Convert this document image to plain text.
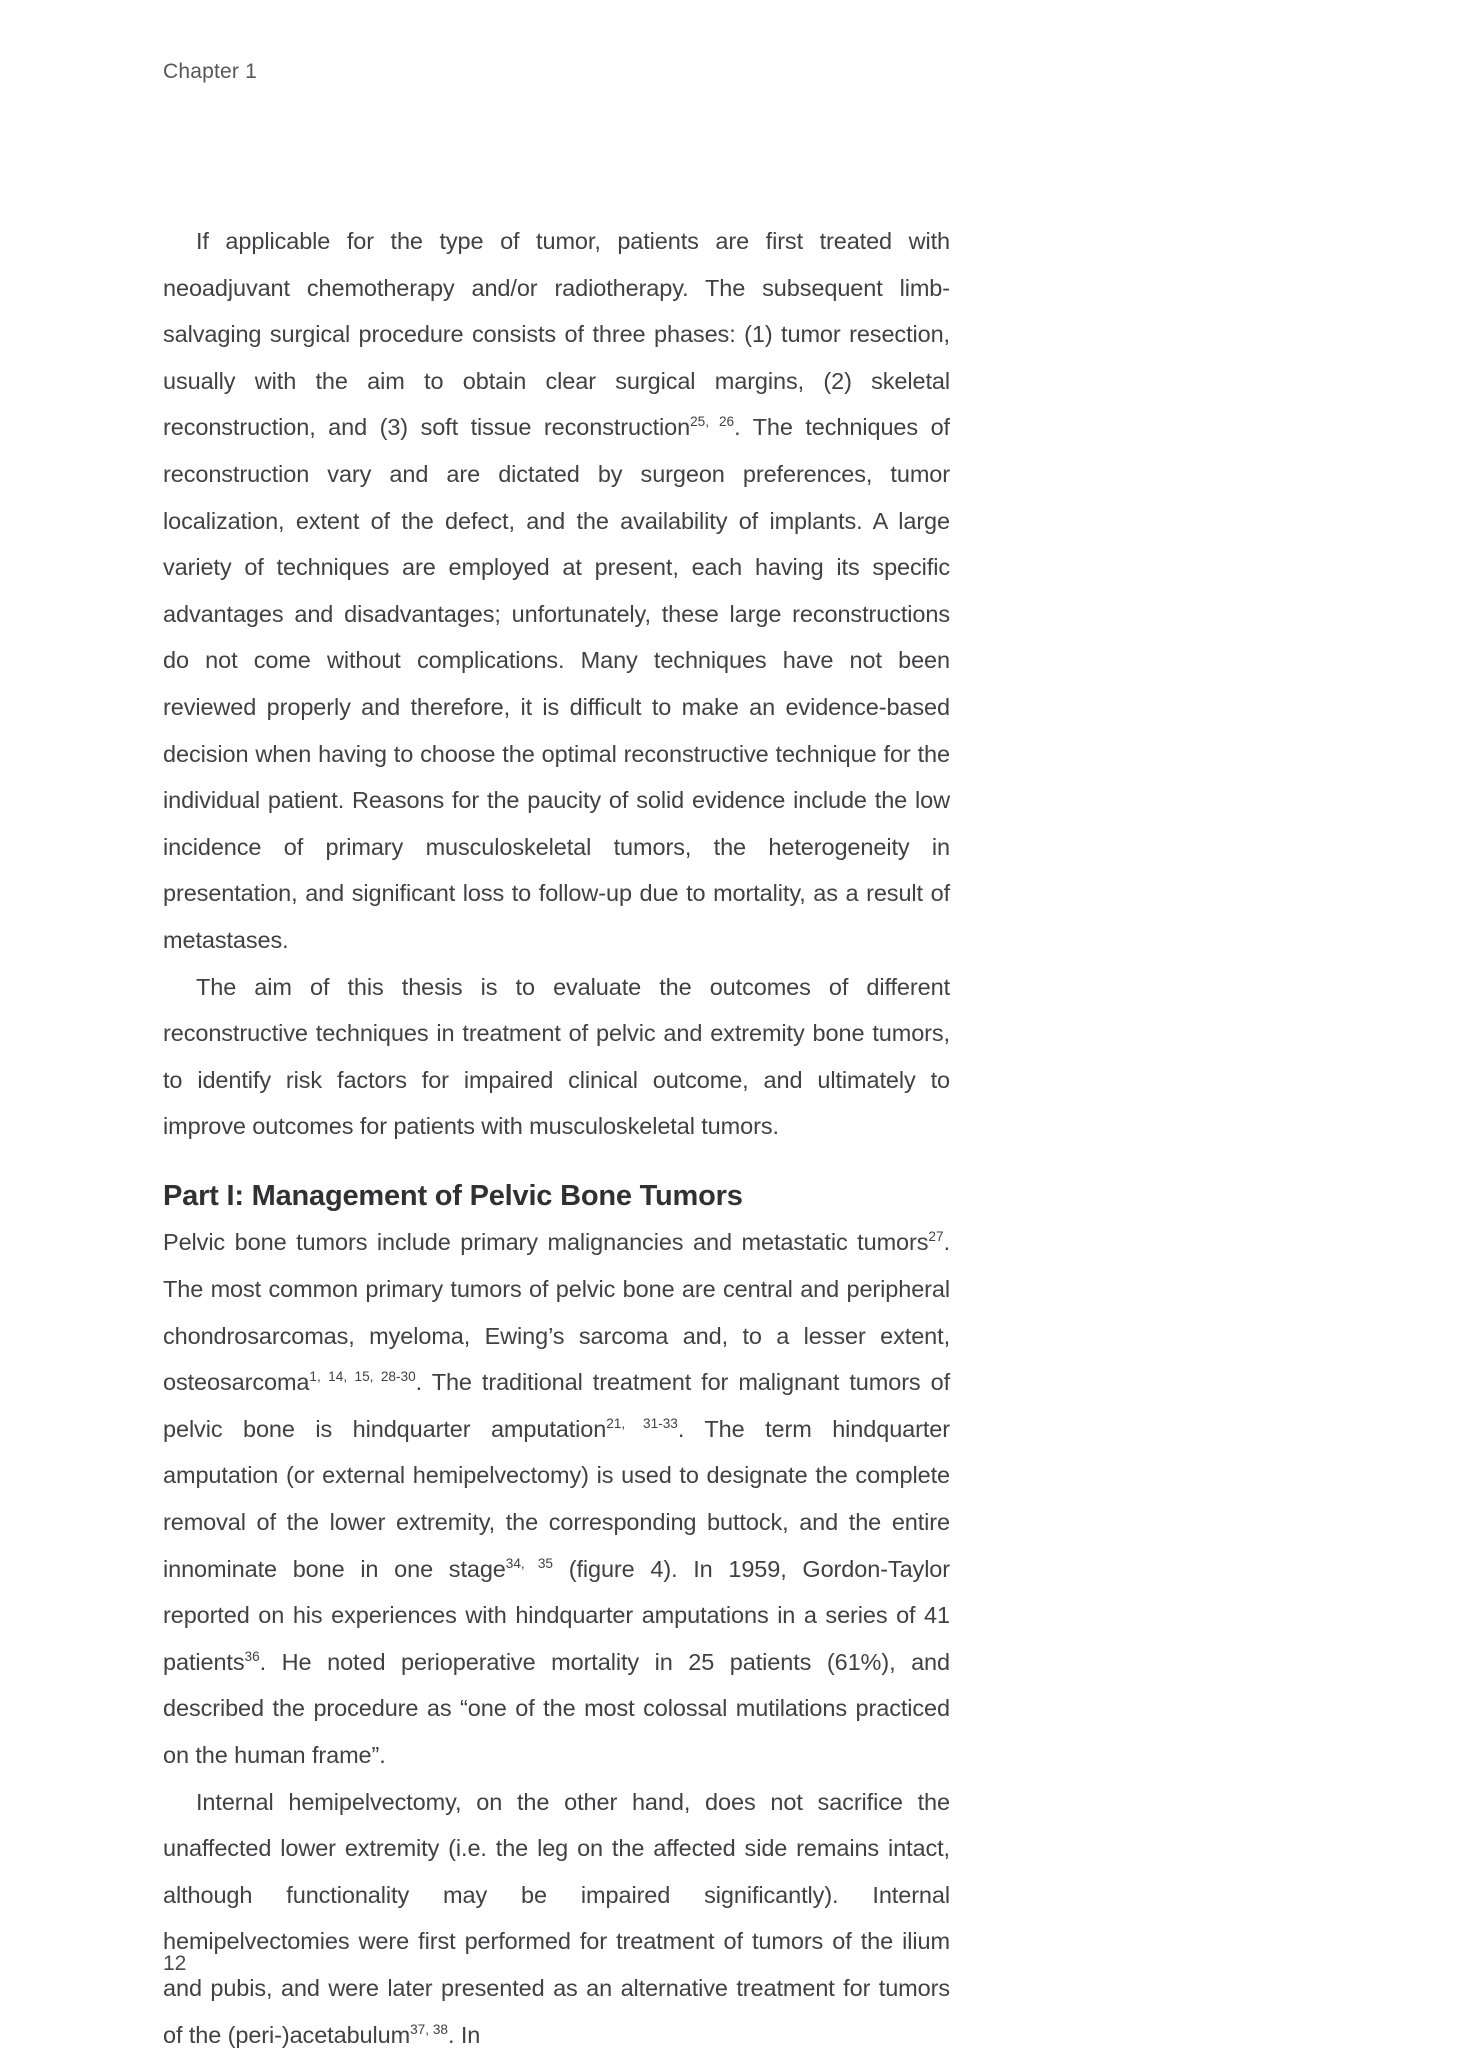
Chapter 1

If applicable for the type of tumor, patients are first treated with neoadjuvant chemotherapy and/or radiotherapy. The subsequent limb-salvaging surgical procedure consists of three phases: (1) tumor resection, usually with the aim to obtain clear surgical margins, (2) skeletal reconstruction, and (3) soft tissue reconstruction$^{25, 26}$. The techniques of reconstruction vary and are dictated by surgeon preferences, tumor localization, extent of the defect, and the availability of implants. A large variety of techniques are employed at present, each having its specific advantages and disadvantages; unfortunately, these large reconstructions do not come without complications. Many techniques have not been reviewed properly and therefore, it is difficult to make an evidence-based decision when having to choose the optimal reconstructive technique for the individual patient. Reasons for the paucity of solid evidence include the low incidence of primary musculoskeletal tumors, the heterogeneity in presentation, and significant loss to follow-up due to mortality, as a result of metastases.

The aim of this thesis is to evaluate the outcomes of different reconstructive techniques in treatment of pelvic and extremity bone tumors, to identify risk factors for impaired clinical outcome, and ultimately to improve outcomes for patients with musculoskeletal tumors.

Part I: Management of Pelvic Bone Tumors

Pelvic bone tumors include primary malignancies and metastatic tumors$^{27}$. The most common primary tumors of pelvic bone are central and peripheral chondrosarcomas, myeloma, Ewing’s sarcoma and, to a lesser extent, osteosarcoma$^{1, 14, 15, 28-30}$. The traditional treatment for malignant tumors of pelvic bone is hindquarter amputation$^{21, 31-33}$. The term hindquarter amputation (or external hemipelvectomy) is used to designate the complete removal of the lower extremity, the corresponding buttock, and the entire innominate bone in one stage$^{34, 35}$ (figure 4). In 1959, Gordon-Taylor reported on his experiences with hindquarter amputations in a series of 41 patients$^{36}$. He noted perioperative mortality in 25 patients (61%), and described the procedure as “one of the most colossal mutilations practiced on the human frame”.

Internal hemipelvectomy, on the other hand, does not sacrifice the unaffected lower extremity (i.e. the leg on the affected side remains intact, although functionality may be impaired significantly). Internal hemipelvectomies were first performed for treatment of tumors of the ilium and pubis, and were later presented as an alternative treatment for tumors of the (peri-)acetabulum$^{37, 38}$. In

12
